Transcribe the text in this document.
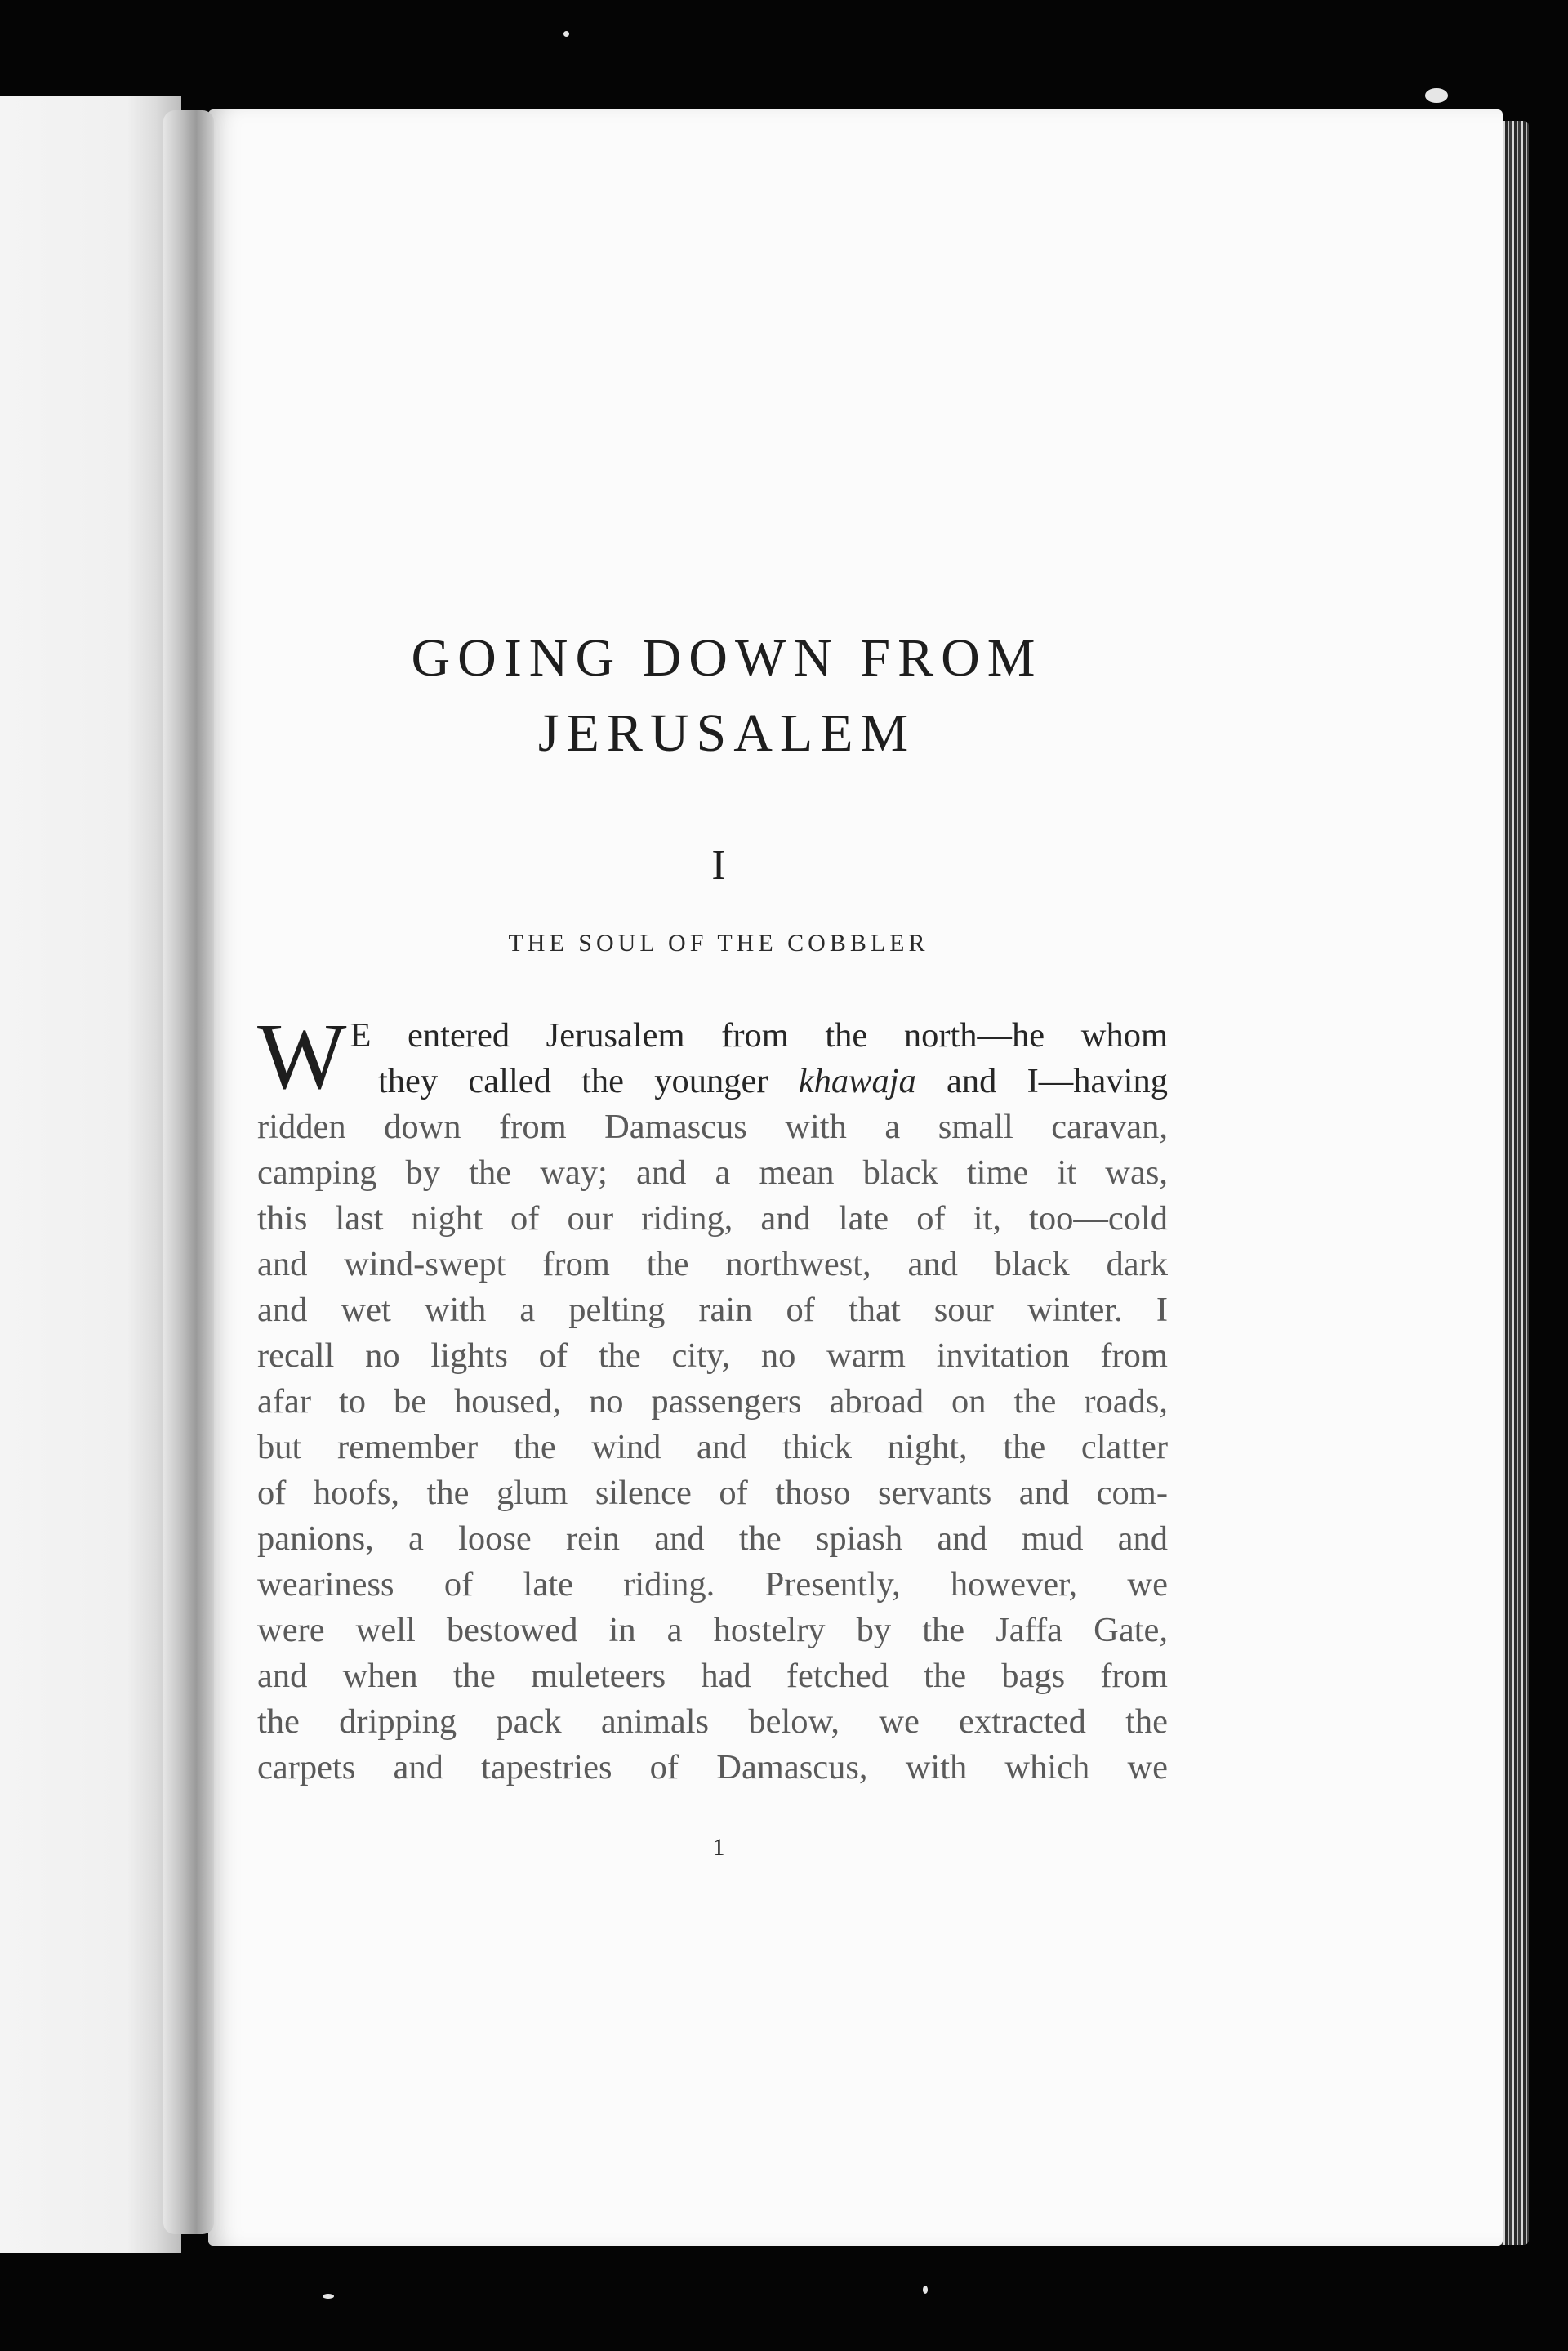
GOING DOWN FROM
JERUSALEM
I
THE SOUL OF THE COBBLER
W E entered Jerusalem from the north—he whom
they called the younger khawaja and I—having
ridden down from Damascus with a small caravan,
camping by the way; and a mean black time it was,
this last night of our riding, and late of it, too—cold
and wind-swept from the northwest, and black dark
and wet with a pelting rain of that sour winter. I
recall no lights of the city, no warm invitation from
afar to be housed, no passengers abroad on the roads,
but remember the wind and thick night, the clatter
of hoofs, the glum silence of thoso servants and com-
panions, a loose rein and the spiash and mud and
weariness of late riding. Presently, however, we
were well bestowed in a hostelry by the Jaffa Gate,
and when the muleteers had fetched the bags from
the dripping pack animals below, we extracted the
carpets and tapestries of Damascus, with which we
1
